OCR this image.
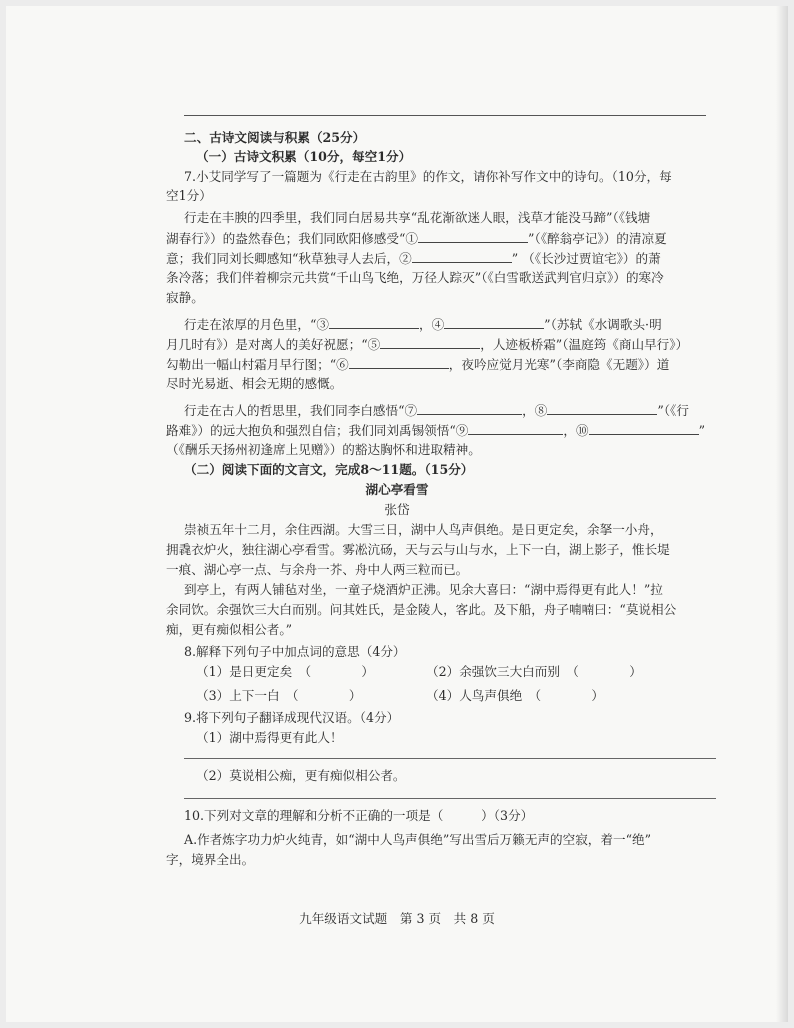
二、古诗文阅读与积累（25分）
（一）古诗文积累（10分，每空1分）
7.小艾同学写了一篇题为《行走在古韵里》的作文，请你补写作文中的诗句。（10分，每
空1分）
行走在丰腴的四季里，我们同白居易共享“乱花渐欲迷人眼，浅草才能没马蹄”（《钱塘
湖春行》）的盎然春色；我们同欧阳修感受“①	”（《醉翁亭记》）的清凉夏
意；我们同刘长卿感知“秋草独寻人去后，②	” （《长沙过贾谊宅》）的萧
条冷落；我们伴着柳宗元共赏“千山鸟飞绝，万径人踪灭”（《白雪歌送武判官归京》）的寒冷
寂静。
行走在浓厚的月色里，“③	，④	”（苏轼《水调歌头·明
月几时有》）是对离人的美好祝愿；“⑤	，人迹板桥霜”（温庭筠《商山早行》）
勾勒出一幅山村霜月早行图；“⑥	，夜吟应觉月光寒”（李商隐《无题》）道
尽时光易逝、相会无期的感慨。
行走在古人的哲思里，我们同李白感悟“⑦	，⑧	”（《行
路难》）的远大抱负和强烈自信；我们同刘禹锡领悟“⑨	，⑩	”
（《酬乐天扬州初逢席上见赠》）的豁达胸怀和进取精神。
（二）阅读下面的文言文，完成8～11题。（15分）
湖心亭看雪
张岱
崇祯五年十二月，余住西湖。大雪三日，湖中人鸟声俱绝。是日更定矣，余拏一小舟，
拥毳衣炉火，独往湖心亭看雪。雾凇沆砀，天与云与山与水，上下一白，湖上影子，惟长堤
一痕、湖心亭一点、与余舟一芥、舟中人两三粒而已。
到亭上，有两人铺毡对坐，一童子烧酒炉正沸。见余大喜曰：“湖中焉得更有此人！”拉
余同饮。余强饮三大白而别。问其姓氏，是金陵人，客此。及下船，舟子喃喃曰：“莫说相公
痴，更有痴似相公者。”
8.解释下列句子中加点词的意思（4分）
（1）是日更定矣　（　　　　）	（2）余强饮三大白而别　（　　　　）
（3）上下一白　（　　　　）	（4）人鸟声俱绝　（　　　　）
9.将下列句子翻译成现代汉语。（4分）
（1）湖中焉得更有此人！
（2）莫说相公痴，更有痴似相公者。
10.下列对文章的理解和分析不正确的一项是（　　　）（3分）
A.作者炼字功力炉火纯青，如“湖中人鸟声俱绝”写出雪后万籁无声的空寂，着一“绝”
字，境界全出。
九年级语文试题　第 3 页　共 8 页
